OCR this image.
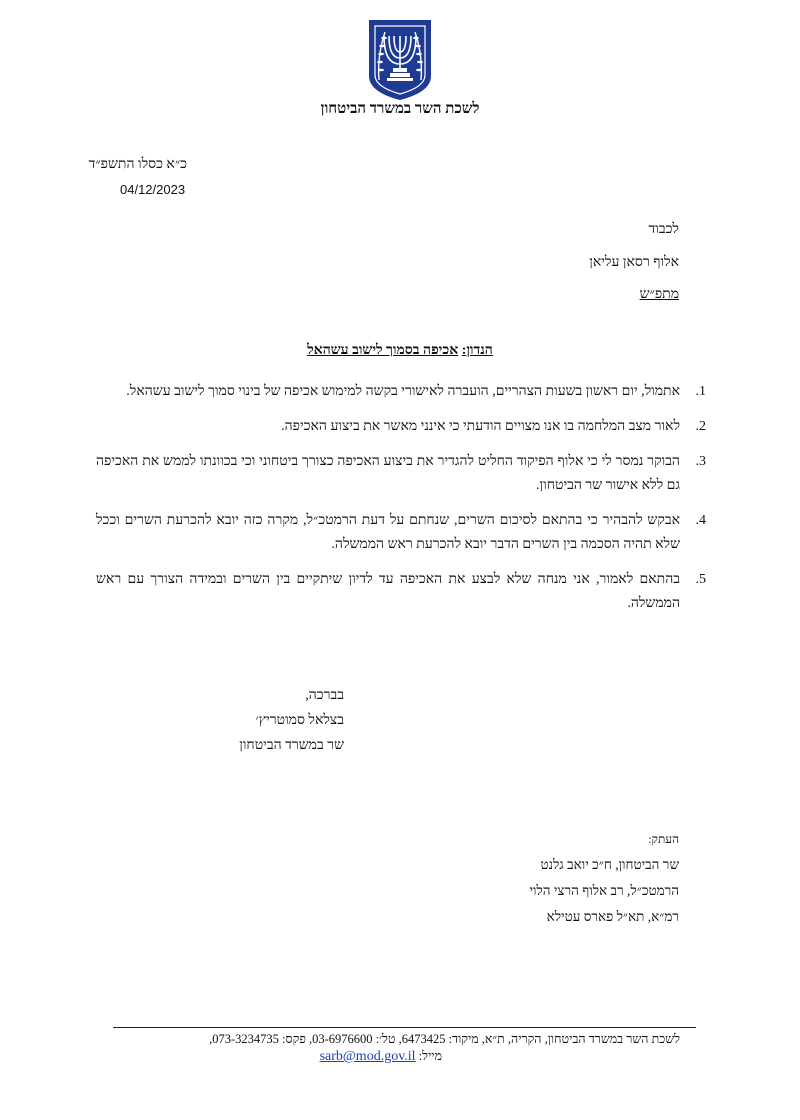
לשכת השר במשרד הביטחון
כ״א כסלו התשפ״ד
04/12/2023
לכבוד
אלוף רסאן עליאן
מתפ״ש
הנדון: אכיפה בסמוך לישוב עשהאל
1.
אתמול, יום ראשון בשעות הצהריים, הועברה לאישורי בקשה למימוש אכיפה של בינוי סמוך לישוב עשהאל.
2.
לאור מצב המלחמה בו אנו מצויים הודעתי כי אינני מאשר את ביצוע האכיפה.
3.
הבוקר נמסר לי כי אלוף הפיקוד החליט להגדיר את ביצוע האכיפה כצורך ביטחוני וכי בכוונתו לממש את האכיפה גם ללא אישור שר הביטחון.
4.
אבקש להבהיר כי בהתאם לסיכום השרים, שנחתם על דעת הרמטכ״ל, מקרה כזה יובא להכרעת השרים וככל שלא תהיה הסכמה בין השרים הדבר יובא להכרעת ראש הממשלה.
5.
בהתאם לאמור, אני מנחה שלא לבצע את האכיפה עד לדיון שיתקיים בין השרים ובמידה הצורך עם ראש הממשלה.
בברכה,
בצלאל סמוטריץ׳
שר במשרד הביטחון
העתק:
שר הביטחון, ח״כ יואב גלנט
הרמטכ״ל, רב אלוף הרצי הלוי
רמ״א, תא״ל פארס עטילא
לשכת השר במשרד הביטחון, הקריה, ת״א, מיקוד: 6473425, טל׳: 03-6976600, פקס: 073-3234735,
מייל: sarb@mod.gov.il
